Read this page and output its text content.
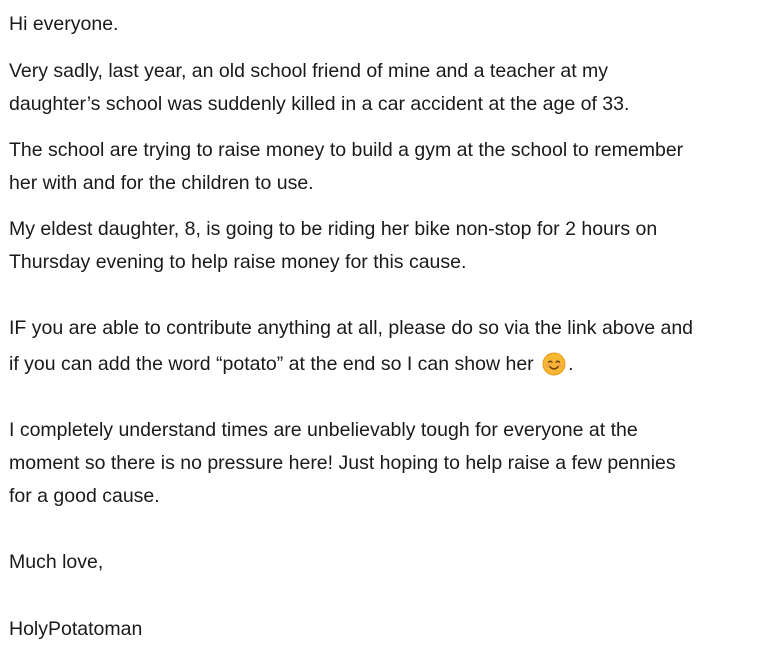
Hi everyone.
Very sadly, last year, an old school friend of mine and a teacher at my
daughter’s school was suddenly killed in a car accident at the age of 33.
The school are trying to raise money to build a gym at the school to remember
her with and for the children to use.
My eldest daughter, 8, is going to be riding her bike non-stop for 2 hours on
Thursday evening to help raise money for this cause.
IF you are able to contribute anything at all, please do so via the link above and
if you can add the word “potato” at the end so I can show her .
I completely understand times are unbelievably tough for everyone at the
moment so there is no pressure here! Just hoping to help raise a few pennies
for a good cause.
Much love,
HolyPotatoman
